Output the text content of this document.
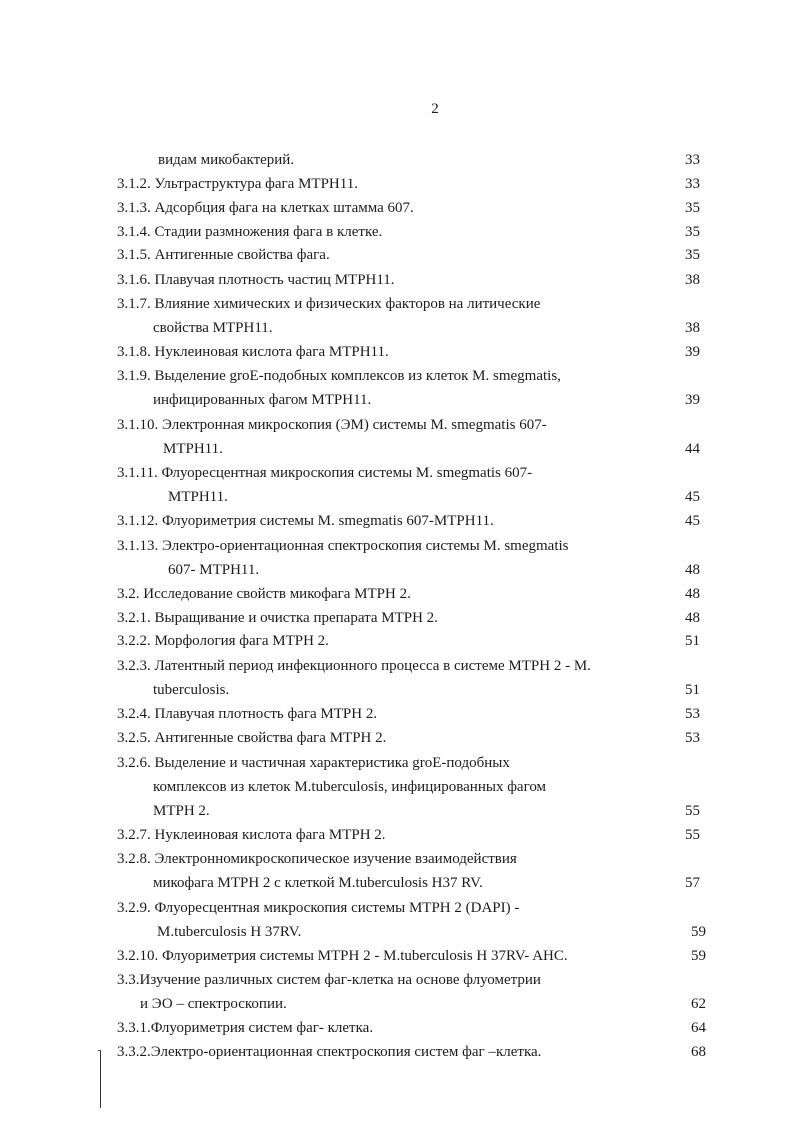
2
видам микобактерий.	33
3.1.2. Ультраструктура фага MTPH11.	33
3.1.3. Адсорбция фага на клетках штамма 607.	35
3.1.4. Стадии размножения фага в клетке.	35
3.1.5. Антигенные свойства фага.	35
3.1.6. Плавучая плотность частиц MTPH11.	38
3.1.7. Влияние химических и физических факторов на литические
свойства MTPH11.	38
3.1.8. Нуклеиновая кислота фага MTPH11.	39
3.1.9. Выделение groE-подобных комплексов из клеток M. smegmatis,
инфицированных фагом MTPH11.	39
3.1.10. Электронная микроскопия (ЭМ) системы M. smegmatis 607-
MTPH11.	44
3.1.11. Флуоресцентная микроскопия системы M. smegmatis 607-
MTPH11.	45
3.1.12. Флуориметрия системы M. smegmatis 607-MTPH11.	45
3.1.13. Электро-ориентационная спектроскопия системы M. smegmatis
607- MTPH11.	48
3.2. Исследование свойств микофага MTPH 2.	48
3.2.1. Выращивание и очистка препарата MTPH 2.	48
3.2.2. Морфология фага MTPH 2.	51
3.2.3. Латентный период инфекционного процесса в системе MTPH 2 - M.
tuberculosis.	51
3.2.4. Плавучая плотность фага MTPH 2.	53
3.2.5. Антигенные свойства фага MTPH 2.	53
3.2.6. Выделение и частичная характеристика groE-подобных
комплексов из клеток M.tuberculosis, инфицированных фагом
MTPH 2.	55
3.2.7. Нуклеиновая кислота фага MTPH 2.	55
3.2.8. Электронномикроскопическое изучение взаимодействия
микофага MTPH 2 с клеткой M.tuberculosis H37 RV.	57
3.2.9. Флуоресцентная микроскопия системы MTPH 2 (DAPI) -
M.tuberculosis H 37RV.	59
3.2.10. Флуориметрия системы MTPH 2 - M.tuberculosis H 37RV- AHC.	59
3.3.Изучение различных систем фаг-клетка на основе флуометрии
и ЭО – спектроскопии.	62
3.3.1.Флуориметрия систем фаг- клетка.	64
3.3.2.Электро-ориентационная спектроскопия систем фаг –клетка.	68
